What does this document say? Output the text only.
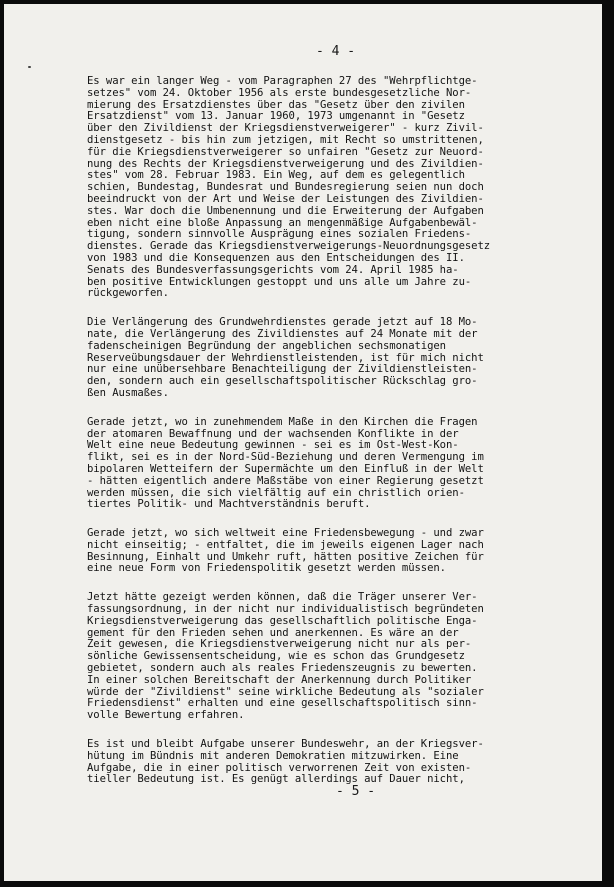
- 4 -
Es war ein langer Weg - vom Paragraphen 27 des "Wehrpflichtge-
setzes" vom 24. Oktober 1956 als erste bundesgesetzliche Nor-
mierung des Ersatzdienstes über das "Gesetz über den zivilen
Ersatzdienst" vom 13. Januar 1960, 1973 umgenannt in "Gesetz
über den Zivildienst der Kriegsdienstverweigerer" - kurz Zivil-
dienstgesetz - bis hin zum jetzigen, mit Recht so umstrittenen,
für die Kriegsdienstverweigerer so unfairen "Gesetz zur Neuord-
nung des Rechts der Kriegsdienstverweigerung und des Zivildien-
stes" vom 28. Februar 1983. Ein Weg, auf dem es gelegentlich
schien, Bundestag, Bundesrat und Bundesregierung seien nun doch
beeindruckt von der Art und Weise der Leistungen des Zivildien-
stes. War doch die Umbenennung und die Erweiterung der Aufgaben
eben nicht eine bloße Anpassung an mengenmäßige Aufgabenbewäl-
tigung, sondern sinnvolle Ausprägung eines sozialen Friedens-
dienstes. Gerade das Kriegsdienstverweigerungs-Neuordnungsgesetz
von 1983 und die Konsequenzen aus den Entscheidungen des II.
Senats des Bundesverfassungsgerichts vom 24. April 1985 ha-
ben positive Entwicklungen gestoppt und uns alle um Jahre zu-
rückgeworfen.
Die Verlängerung des Grundwehrdienstes gerade jetzt auf 18 Mo-
nate, die Verlängerung des Zivildienstes auf 24 Monate mit der
fadenscheinigen Begründung der angeblichen sechsmonatigen
Reserveübungsdauer der Wehrdienstleistenden, ist für mich nicht
nur eine unübersehbare Benachteiligung der Zivildienstleisten-
den, sondern auch ein gesellschaftspolitischer Rückschlag gro-
ßen Ausmaßes.
Gerade jetzt, wo in zunehmendem Maße in den Kirchen die Fragen
der atomaren Bewaffnung und der wachsenden Konflikte in der
Welt eine neue Bedeutung gewinnen - sei es im Ost-West-Kon-
flikt, sei es in der Nord-Süd-Beziehung und deren Vermengung im
bipolaren Wetteifern der Supermächte um den Einfluß in der Welt
- hätten eigentlich andere Maßstäbe von einer Regierung gesetzt
werden müssen, die sich vielfältig auf ein christlich orien-
tiertes Politik- und Machtverständnis beruft.
Gerade jetzt, wo sich weltweit eine Friedensbewegung - und zwar
nicht einseitig; - entfaltet, die im jeweils eigenen Lager nach
Besinnung, Einhalt und Umkehr ruft, hätten positive Zeichen für
eine neue Form von Friedenspolitik gesetzt werden müssen.
Jetzt hätte gezeigt werden können, daß die Träger unserer Ver-
fassungsordnung, in der nicht nur individualistisch begründeten
Kriegsdienstverweigerung das gesellschaftlich politische Enga-
gement für den Frieden sehen und anerkennen. Es wäre an der
Zeit gewesen, die Kriegsdienstverweigerung nicht nur als per-
sönliche Gewissensentscheidung, wie es schon das Grundgesetz
gebietet, sondern auch als reales Friedenszeugnis zu bewerten.
In einer solchen Bereitschaft der Anerkennung durch Politiker
würde der "Zivildienst" seine wirkliche Bedeutung als "sozialer
Friedensdienst" erhalten und eine gesellschaftspolitisch sinn-
volle Bewertung erfahren.
Es ist und bleibt Aufgabe unserer Bundeswehr, an der Kriegsver-
hütung im Bündnis mit anderen Demokratien mitzuwirken. Eine
Aufgabe, die in einer politisch verworrenen Zeit von existen-
tieller Bedeutung ist. Es genügt allerdings auf Dauer nicht,
- 5 -
